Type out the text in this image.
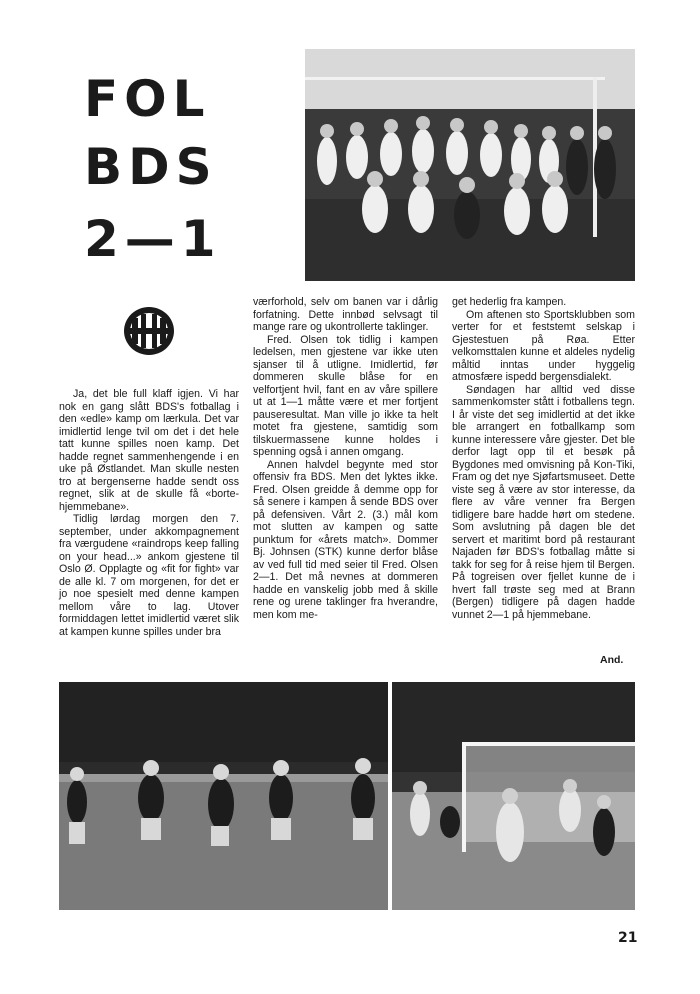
FOL
BDS
2—1

Ja, det ble full klaff igjen. Vi har nok en gang slått BDS's fotballag i den «edle» kamp om lærkula. Det var imidlertid lenge tvil om det i det hele tatt kunne spilles noen kamp. Det hadde regnet sammenhengende i en uke på Østlandet. Man skulle nesten tro at bergenserne hadde sendt oss regnet, slik at de skulle få «borte-hjemmebane».

Tidlig lørdag morgen den 7. september, under akkompagnement fra værgudene «raindrops keep falling on your head...» ankom gjestene til Oslo Ø. Opplagte og «fit for fight» var de alle kl. 7 om morgenen, for det er jo noe spesielt med denne kampen mellom våre to lag. Utover formiddagen lettet imidlertid været slik at kampen kunne spilles under bra

værforhold, selv om banen var i dårlig forfatning. Dette innbød selvsagt til mange rare og ukontrollerte taklinger.

Fred. Olsen tok tidlig i kampen ledelsen, men gjestene var ikke uten sjanser til å utligne. Imidlertid, før dommeren skulle blåse for en velfortjent hvil, fant en av våre spillere ut at 1—1 måtte være et mer fortjent pauseresultat. Man ville jo ikke ta helt motet fra gjestene, samtidig som tilskuermassene kunne holdes i spenning også i annen omgang.

Annen halvdel begynte med stor offensiv fra BDS. Men det lyktes ikke. Fred. Olsen greidde å demme opp for så senere i kampen å sende BDS over på defensiven. Vårt 2. (3.) mål kom mot slutten av kampen og satte punktum for «årets match». Dommer Bj. Johnsen (STK) kunne derfor blåse av ved full tid med seier til Fred. Olsen 2—1. Det må nevnes at dommeren hadde en vanskelig jobb med å skille rene og urene taklinger fra hverandre, men kom me-

get hederlig fra kampen.

Om aftenen sto Sportsklubben som verter for et feststemt selskap i Gjestestuen på Røa. Etter velkomsttalen kunne et aldeles nydelig måltid inntas under hyggelig atmosfære ispedd bergensdialekt.

Søndagen har alltid ved disse sammenkomster stått i fotballens tegn. I år viste det seg imidlertid at det ikke ble arrangert en fotballkamp som kunne interessere våre gjester. Det ble derfor lagt opp til et besøk på Bygdones med omvisning på Kon-Tiki, Fram og det nye Sjøfartsmuseet. Dette viste seg å være av stor interesse, da flere av våre venner fra Bergen tidligere bare hadde hørt om stedene. Som avslutning på dagen ble det servert et maritimt bord på restaurant Najaden før BDS's fotballag måtte si takk for seg for å reise hjem til Bergen. På togreisen over fjellet kunne de i hvert fall trøste seg med at Brann (Bergen) tidligere på dagen hadde vunnet 2—1 på hjemmebane.

And.
21
